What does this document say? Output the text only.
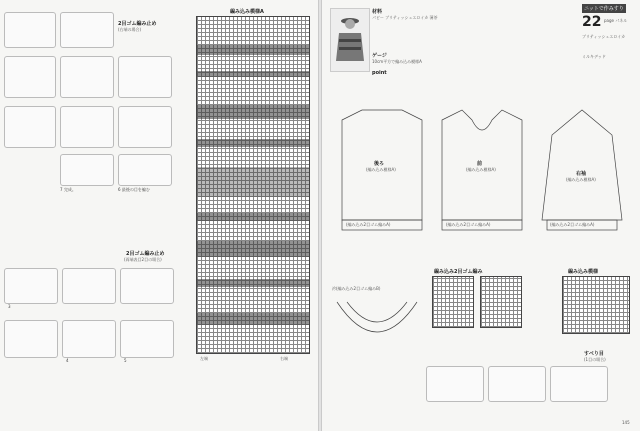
2目ゴム編み止め
(右端の場合)
7 完成。	6 最後の目を編む
2目ゴム編み止め
(両端表目2目の場合)
3
4	5
編み込み模様A
左端	右端
材料
パピー ブリティッシュエロイカ 薄茶
ゲージ
10cm平方で編み込み模様A
point
ニットで作みすり
22 page パネル
ブリティッシュエロイカ
ミルキデッド
後ろ
(編み込み模様A)
前
(編み込み模様A)
右袖
(編み込み模様A)
(編み込み2目ゴム編みA)	(編み込み2目ゴム編みA)	(編み込み2目ゴム編みA)
衿(編み込み2目ゴム編みB)
編み込み2目ゴム編み	編み込み模様
すべり目
(1目の場合)
145
